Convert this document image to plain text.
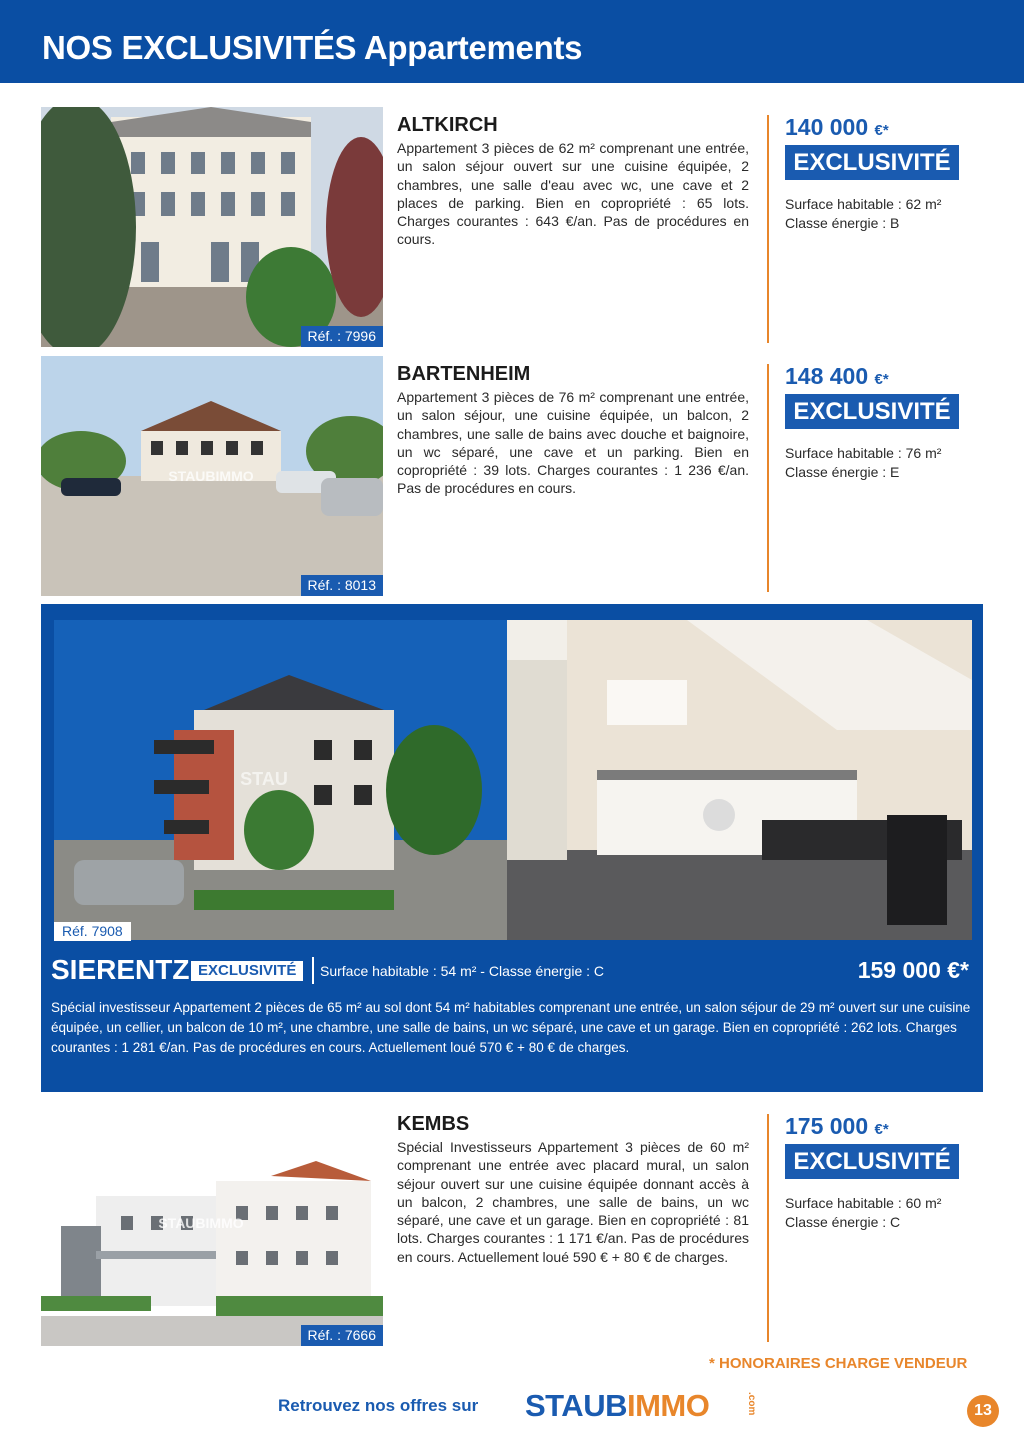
NOS EXCLUSIVITÉS Appartements
Réf. : 7996
ALTKIRCH
Appartement 3 pièces de 62 m² comprenant une entrée, un salon séjour ouvert sur une cuisine équipée, 2 chambres, une salle d'eau avec wc, une cave et 2 places de parking. Bien en copropriété : 65 lots. Charges courantes : 643 €/an. Pas de procédures en cours.
140 000 €*
EXCLUSIVITÉ
Surface habitable : 62 m²
Classe énergie : B
STAUBIMMO
Réf. : 8013
BARTENHEIM
Appartement 3 pièces de 76 m² comprenant une entrée, un salon séjour, une cuisine équipée, un balcon, 2 chambres, une salle de bains avec douche et baignoire, un wc séparé, une cave et un parking. Bien en copropriété : 39 lots. Charges courantes : 1 236 €/an. Pas de procédures en cours.
148 400 €*
EXCLUSIVITÉ
Surface habitable : 76 m²
Classe énergie : E
STAU
Réf. 7908
SIERENTZ EXCLUSIVITÉ	Surface habitable : 54 m² - Classe énergie : C	159 000 €*
Spécial investisseur Appartement 2 pièces de 65 m² au sol dont 54 m² habitables comprenant une entrée, un salon séjour de 29 m² ouvert sur une cuisine équipée, un cellier, un balcon de 10 m², une chambre, une salle de bains, un wc séparé, une cave et un garage. Bien en copropriété : 262 lots. Charges courantes : 1 281 €/an. Pas de procédures en cours. Actuellement loué 570 € + 80 € de charges.
STAUBIMMO
Réf. : 7666
KEMBS
Spécial Investisseurs Appartement 3 pièces de 60 m² comprenant une entrée avec placard mural, un salon séjour ouvert sur une cuisine équipée donnant accès à un balcon, 2 chambres, une salle de bains, un wc séparé, une cave et un garage. Bien en copropriété : 81 lots. Charges courantes : 1 171 €/an. Pas de procédures en cours. Actuellement loué 590 € + 80 € de charges.
175 000 €*
EXCLUSIVITÉ
Surface habitable : 60 m²
Classe énergie : C
* HONORAIRES CHARGE VENDEUR
Retrouvez nos offres sur STAUBIMMO	.com	13
